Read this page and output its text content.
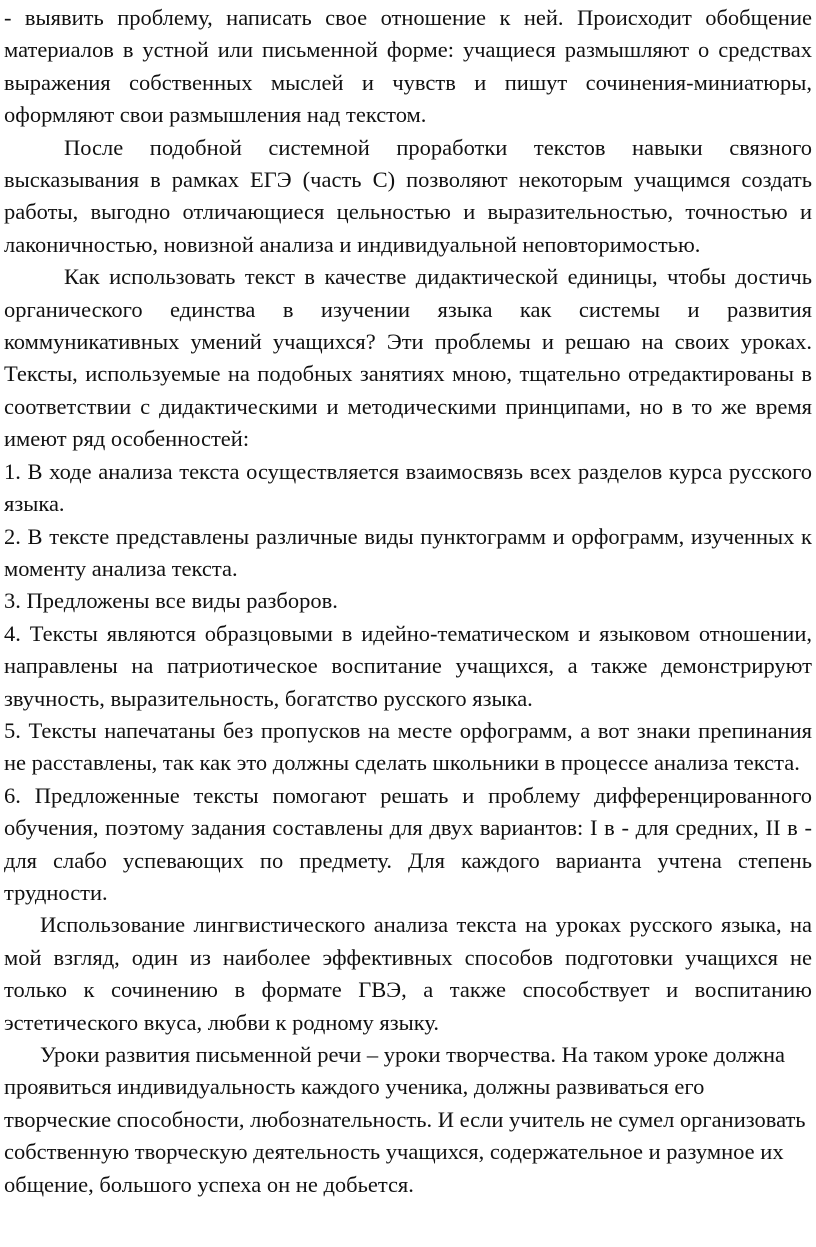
- выявить проблему, написать свое отношение к ней. Происходит обобщение материалов в устной или письменной форме: учащиеся размышляют о средствах выражения собственных мыслей и чувств и пишут сочинения-миниатюры, оформляют свои размышления над текстом.

После подобной системной проработки текстов навыки связного высказывания в рамках ЕГЭ (часть С) позволяют некоторым учащимся создать работы, выгодно отличающиеся цельностью и выразительностью, точностью и лаконичностью, новизной анализа и индивидуальной неповторимостью.

Как использовать текст в качестве дидактической единицы, чтобы достичь органического единства в изучении языка как системы и развития коммуникативных умений учащихся? Эти проблемы и решаю на своих уроках. Тексты, используемые на подобных занятиях мною, тщательно отредактированы в соответствии с дидактическими и методическими принципами, но в то же время имеют ряд особенностей:

1. В ходе анализа текста осуществляется взаимосвязь всех разделов курса русского языка.

2. В тексте представлены различные виды пунктограмм и орфограмм, изученных к моменту анализа текста.

3. Предложены все виды разборов.

4. Тексты являются образцовыми в идейно-тематическом и языковом отношении, направлены на патриотическое воспитание учащихся, а также демонстрируют звучность, выразительность, богатство русского языка.

5. Тексты напечатаны без пропусков на месте орфограмм, а вот знаки препинания не расставлены, так как это должны сделать школьники в процессе анализа текста.

6. Предложенные тексты помогают решать и проблему дифференцированного обучения, поэтому задания составлены для двух вариантов: I в - для средних, II в - для слабо успевающих по предмету. Для каждого варианта учтена степень трудности.

Использование лингвистического анализа текста на уроках русского языка, на мой взгляд, один из наиболее эффективных способов подготовки учащихся не только к сочинению в формате ГВЭ, а также способствует и воспитанию эстетического вкуса, любви к родному языку.

Уроки развития письменной речи – уроки творчества. На таком уроке должна проявиться индивидуальность каждого ученика, должны развиваться его творческие способности, любознательность. И если учитель не сумел организовать собственную творческую деятельность учащихся, содержательное и разумное их общение, большого успеха он не добьется.
